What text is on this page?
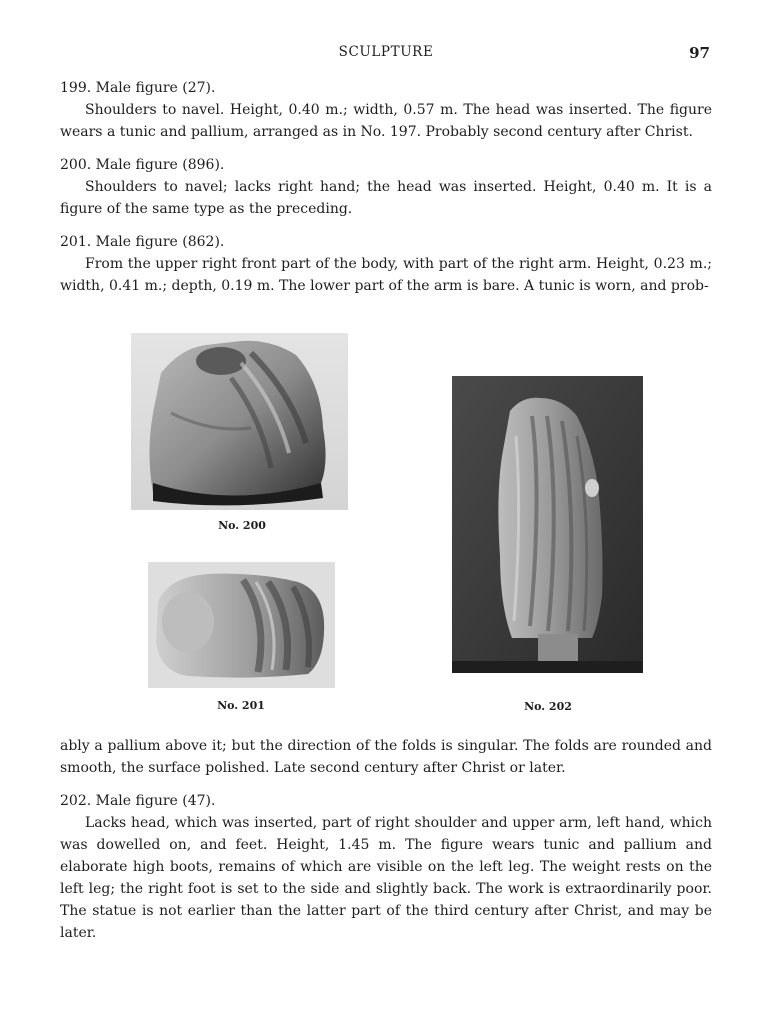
SCULPTURE	97

199. Male figure (27).

Shoulders to navel. Height, 0.40 m.; width, 0.57 m. The head was inserted. The figure wears a tunic and pallium, arranged as in No. 197. Probably second century after Christ.

200. Male figure (896).

Shoulders to navel; lacks right hand; the head was inserted. Height, 0.40 m. It is a figure of the same type as the preceding.

201. Male figure (862).

From the upper right front part of the body, with part of the right arm. Height, 0.23 m.; width, 0.41 m.; depth, 0.19 m. The lower part of the arm is bare. A tunic is worn, and prob-

No. 200
No. 201	No. 202

ably a pallium above it; but the direction of the folds is singular. The folds are rounded and smooth, the surface polished. Late second century after Christ or later.

202. Male figure (47).

Lacks head, which was inserted, part of right shoulder and upper arm, left hand, which was dowelled on, and feet. Height, 1.45 m. The figure wears tunic and pallium and elaborate high boots, remains of which are visible on the left leg. The weight rests on the left leg; the right foot is set to the side and slightly back. The work is extraordinarily poor. The statue is not earlier than the latter part of the third century after Christ, and may be later.
